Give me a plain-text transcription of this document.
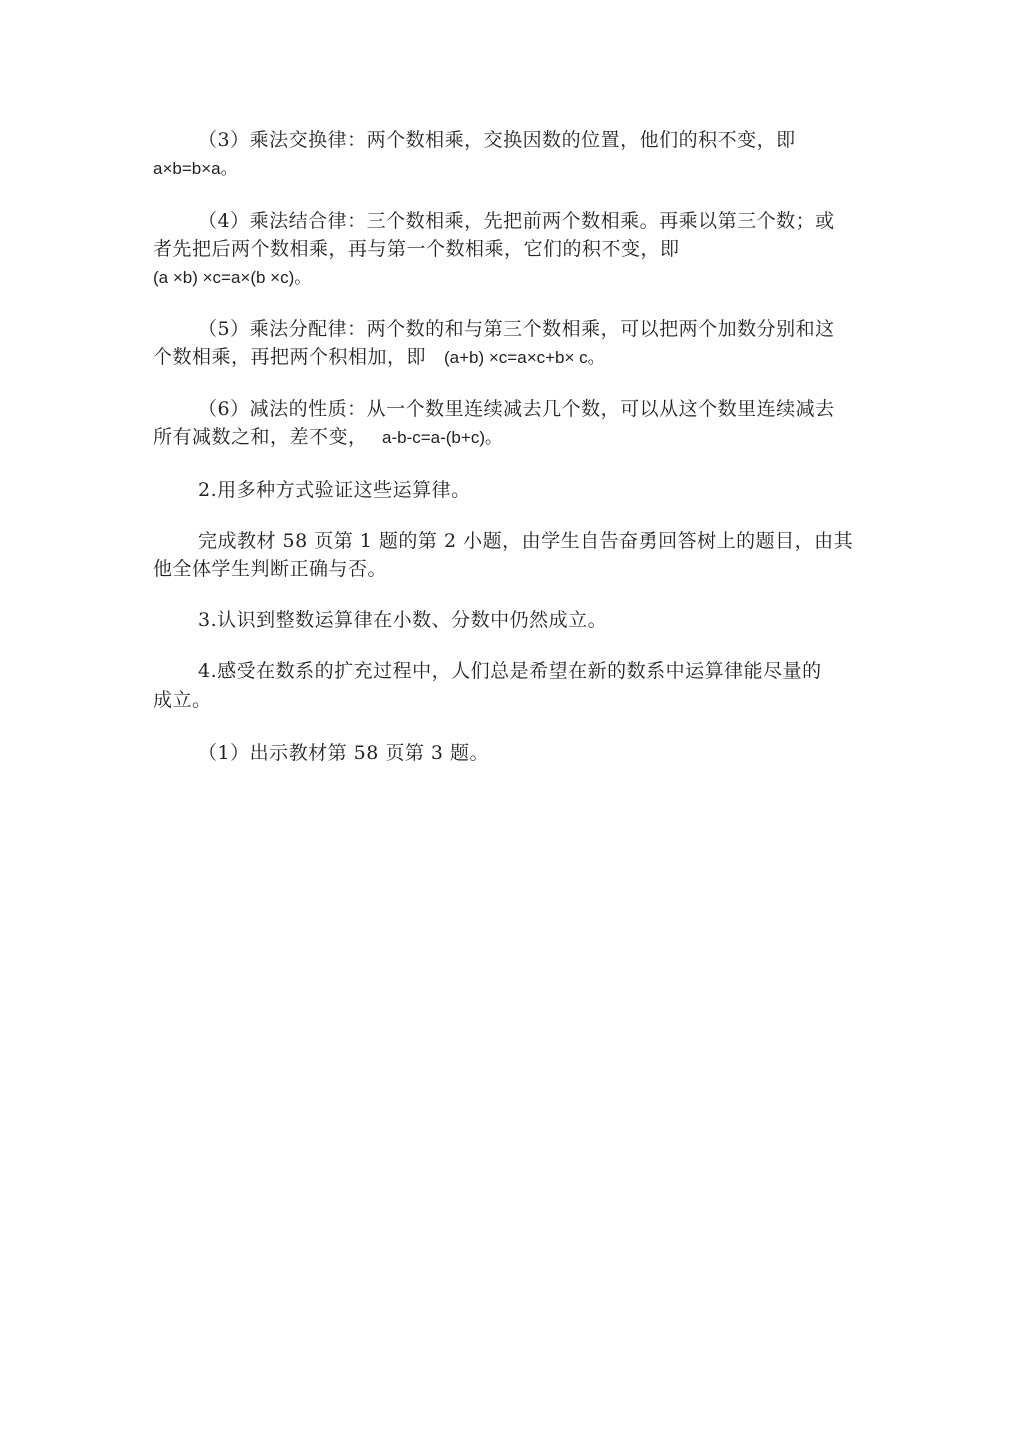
（3）乘法交换律：两个数相乘，交换因数的位置，他们的积不变，即
a×b=b×a。
（4）乘法结合律：三个数相乘，先把前两个数相乘。再乘以第三个数；或
者先把后两个数相乘，再与第一个数相乘，它们的积不变，即
(a ×b) ×c=a×(b ×c)。
（5）乘法分配律：两个数的和与第三个数相乘，可以把两个加数分别和这
个数相乘，再把两个积相加，即 (a+b) ×c=a×c+b× c。
（6）减法的性质：从一个数里连续减去几个数，可以从这个数里连续减去
所有减数之和，差不变， a-b-c=a-(b+c)。
2.用多种方式验证这些运算律。
完成教材 58 页第 1 题的第 2 小题，由学生自告奋勇回答树上的题目，由其
他全体学生判断正确与否。
3.认识到整数运算律在小数、分数中仍然成立。
4.感受在数系的扩充过程中，人们总是希望在新的数系中运算律能尽量的
成立。
（1）出示教材第 58 页第 3 题。
